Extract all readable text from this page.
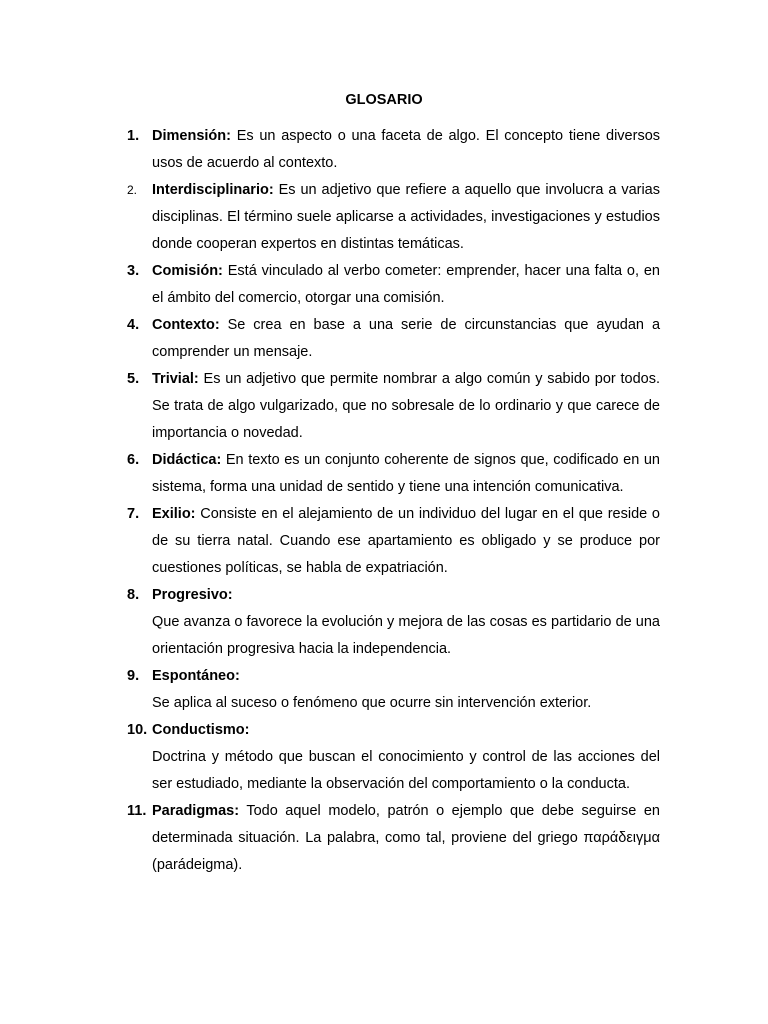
GLOSARIO
1. Dimensión: Es un aspecto o una faceta de algo. El concepto tiene diversos usos de acuerdo al contexto.
2. Interdisciplinario: Es un adjetivo que refiere a aquello que involucra a varias disciplinas. El término suele aplicarse a actividades, investigaciones y estudios donde cooperan expertos en distintas temáticas.
3. Comisión: Está vinculado al verbo cometer: emprender, hacer una falta o, en el ámbito del comercio, otorgar una comisión.
4. Contexto: Se crea en base a una serie de circunstancias que ayudan a comprender un mensaje.
5. Trivial: Es un adjetivo que permite nombrar a algo común y sabido por todos. Se trata de algo vulgarizado, que no sobresale de lo ordinario y que carece de importancia o novedad.
6. Didáctica: En texto es un conjunto coherente de signos que, codificado en un sistema, forma una unidad de sentido y tiene una intención comunicativa.
7. Exilio: Consiste en el alejamiento de un individuo del lugar en el que reside o de su tierra natal. Cuando ese apartamiento es obligado y se produce por cuestiones políticas, se habla de expatriación.
8. Progresivo:
Que avanza o favorece la evolución y mejora de las cosas es partidario de una orientación progresiva hacia la independencia.
9. Espontáneo:
Se aplica al suceso o fenómeno que ocurre sin intervención exterior.
10. Conductismo:
Doctrina y método que buscan el conocimiento y control de las acciones del ser estudiado, mediante la observación del comportamiento o la conducta.
11. Paradigmas: Todo aquel modelo, patrón o ejemplo que debe seguirse en determinada situación. La palabra, como tal, proviene del griego παράδειγμα (parádeigma).
